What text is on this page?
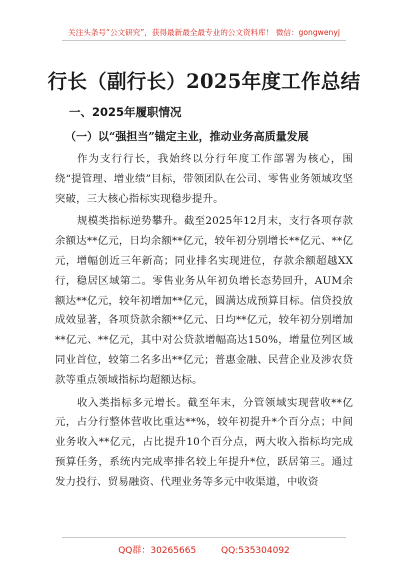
关注头条号“公文研究”，获得最新最全最专业的公文资料库！ 微信：gongwenyj
行长（副行长）2025年度工作总结
一、2025年履职情况
（一）以“强担当”锚定主业，推动业务高质量发展

作为支行行长，我始终以分行年度工作部署为核心，围绕“提管理、增业绩”目标，带领团队在公司、零售业务领域攻坚突破，三大核心指标实现稳步提升。

规模类指标逆势攀升。截至2025年12月末，支行各项存款余额达**亿元，日均余额**亿元，较年初分别增长**亿元、**亿元，增幅创近三年新高；同业排名实现进位，存款余额超越XX行，稳居区域第二。零售业务从年初负增长态势回升，AUM余额达**亿元，较年初增加**亿元，圆满达成预算目标。信贷投放成效显著，各项贷款余额**亿元、日均**亿元，较年初分别增加**亿元、**亿元，其中对公贷款增幅高达150%，增量位列区域同业首位，较第二名多出**亿元；普惠金融、民营企业及涉农贷款等重点领域指标均超额达标。

收入类指标多元增长。截至年末，分管领域实现营收**亿元，占分行整体营收比重达**%，较年初提升*个百分点；中间业务收入**亿元，占比提升10个百分点，两大收入指标均完成预算任务，系统内完成率排名较上年提升*位，跃居第三。通过发力投行、贸易融资、代理业务等多元中收渠道，中收资

QQ群：30265665	QQ:535304092
